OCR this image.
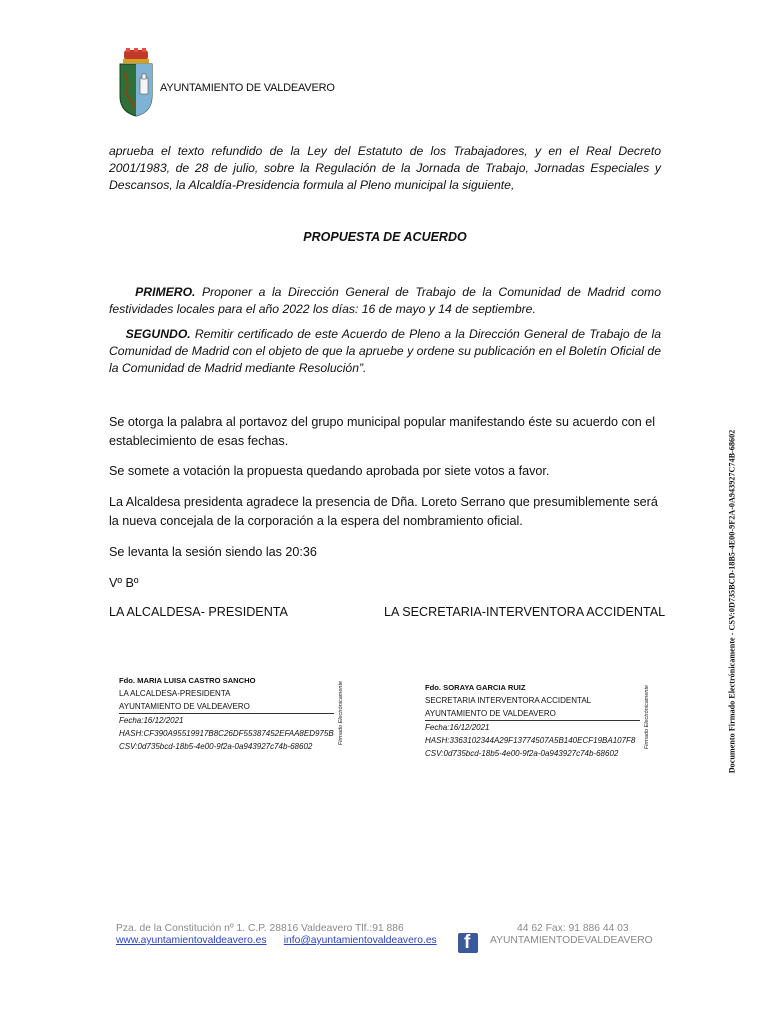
AYUNTAMIENTO DE VALDEAVERO
aprueba el texto refundido de la Ley del Estatuto de los Trabajadores, y en el Real Decreto 2001/1983, de 28 de julio, sobre la Regulación de la Jornada de Trabajo, Jornadas Especiales y Descansos, la Alcaldía-Presidencia formula al Pleno municipal la siguiente,
PROPUESTA DE ACUERDO
PRIMERO. Proponer a la Dirección General de Trabajo de la Comunidad de Madrid como festividades locales para el año 2022 los días: 16 de mayo y 14 de septiembre.
SEGUNDO. Remitir certificado de este Acuerdo de Pleno a la Dirección General de Trabajo de la Comunidad de Madrid con el objeto de que la apruebe y ordene su publicación en el Boletín Oficial de la Comunidad de Madrid mediante Resolución”.
Se otorga la palabra al portavoz del grupo municipal popular manifestando éste su acuerdo con el establecimiento de esas fechas.
Se somete a votación la propuesta quedando aprobada por siete votos a favor.
La Alcaldesa presidenta agradece la presencia de Dña. Loreto Serrano que presumiblemente será la nueva concejala de la corporación a la espera del nombramiento oficial.
Se levanta la sesión siendo las 20:36
Vº Bº
LA ALCALDESA- PRESIDENTA	LA SECRETARIA-INTERVENTORA ACCIDENTAL
Fdo. MARIA LUISA CASTRO SANCHO
LA ALCALDESA-PRESIDENTA
AYUNTAMIENTO DE VALDEAVERO
Fecha:16/12/2021
HASH:CF390A95519917B8C26DF55387452EFAA8ED975B
CSV:0d735bcd-18b5-4e00-9f2a-0a943927c74b-68602
Firmado Electrónicamente	Fdo. SORAYA GARCIA RUIZ
SECRETARIA INTERVENTORA ACCIDENTAL
AYUNTAMIENTO DE VALDEAVERO
Fecha:16/12/2021
HASH:3363102344A29F13774507A5B140ECF19BA107F8
CSV:0d735bcd-18b5-4e00-9f2a-0a943927c74b-68602
Firmado Electrónicamente	Documento Firmado Electrónicamente - CSV:0D735BCD-18B5-4E00-9F2A-0A943927C74B-68602
Pza. de la Constitución nº 1. C.P. 28816 Valdeavero Tlf.:91 886	44 62 Fax: 91 886 44 03
www.ayuntamientovaldeavero.es info@ayuntamientovaldeavero.es f AYUNTAMIENTODEVALDEAVERO
